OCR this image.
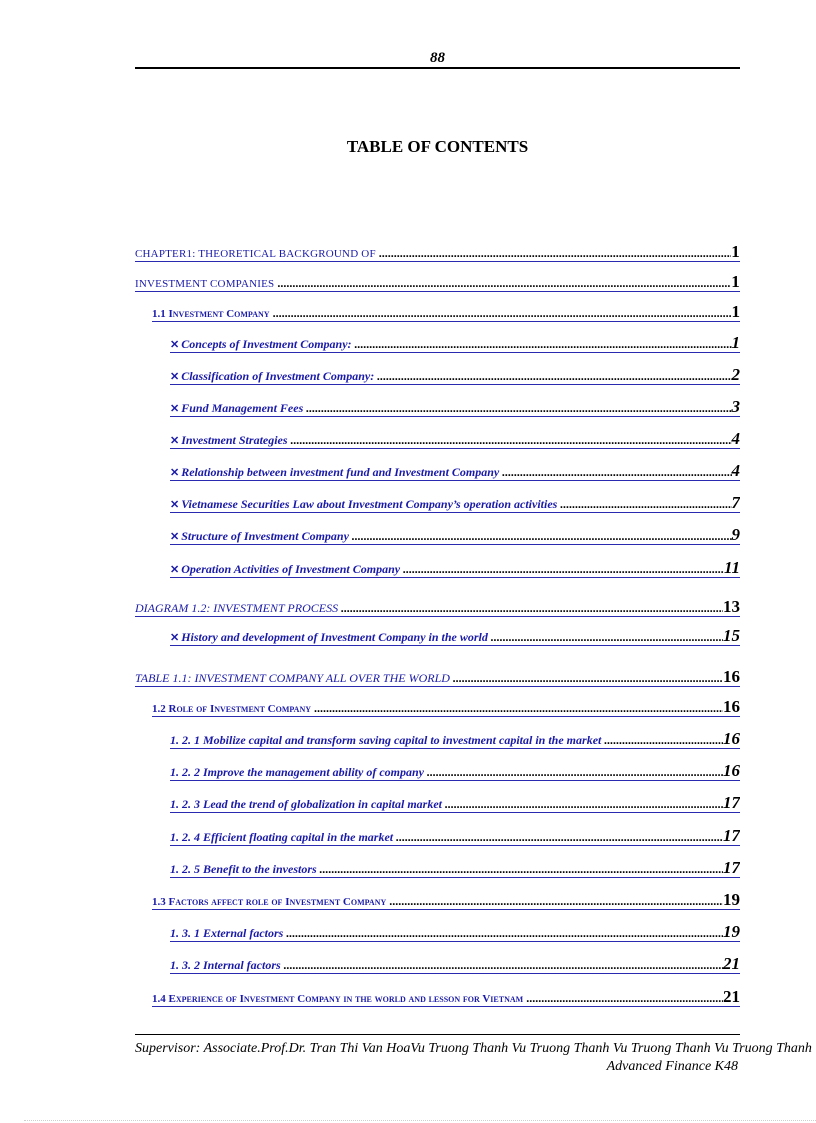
88
TABLE OF CONTENTS
CHAPTER1: THEORETICAL BACKGROUND OF .....	1
INVESTMENT COMPANIES .....	1
1.1 Investment Company .....	1
✕ Concepts of Investment Company: .....	1
✕ Classification of Investment Company: .....	2
✕ Fund Management Fees .....	3
✕ Investment Strategies .....	4
✕ Relationship between investment fund and Investment Company .....	4
✕ Vietnamese Securities Law about Investment Company’s operation activities .....	7
✕ Structure of Investment Company .....	9
✕ Operation Activities of Investment Company .....	11
DIAGRAM 1.2: INVESTMENT PROCESS .....	13
✕ History and development of Investment Company in the world .....	15
TABLE 1.1: INVESTMENT COMPANY ALL OVER THE WORLD .....	16
1.2 Role of Investment Company .....	16
1. 2. 1 Mobilize capital and transform saving capital to investment capital in the market .....	16
1. 2. 2 Improve the management ability of company .....	16
1. 2. 3 Lead the trend of globalization in capital market .....	17
1. 2. 4 Efficient floating capital in the market .....	17
1. 2. 5 Benefit to the investors .....	17
1.3 Factors affect role of Investment Company .....	19
1. 3. 1 External factors .....	19
1. 3. 2 Internal factors .....	21
1.4 Experience of Investment Company in the world and lesson for Vietnam .....	21
Supervisor: Associate.Prof.Dr. Tran Thi Van HoaVu Truong Thanh Vu Truong Thanh Vu Truong Thanh Vu Truong Thanh
Advanced Finance K48
